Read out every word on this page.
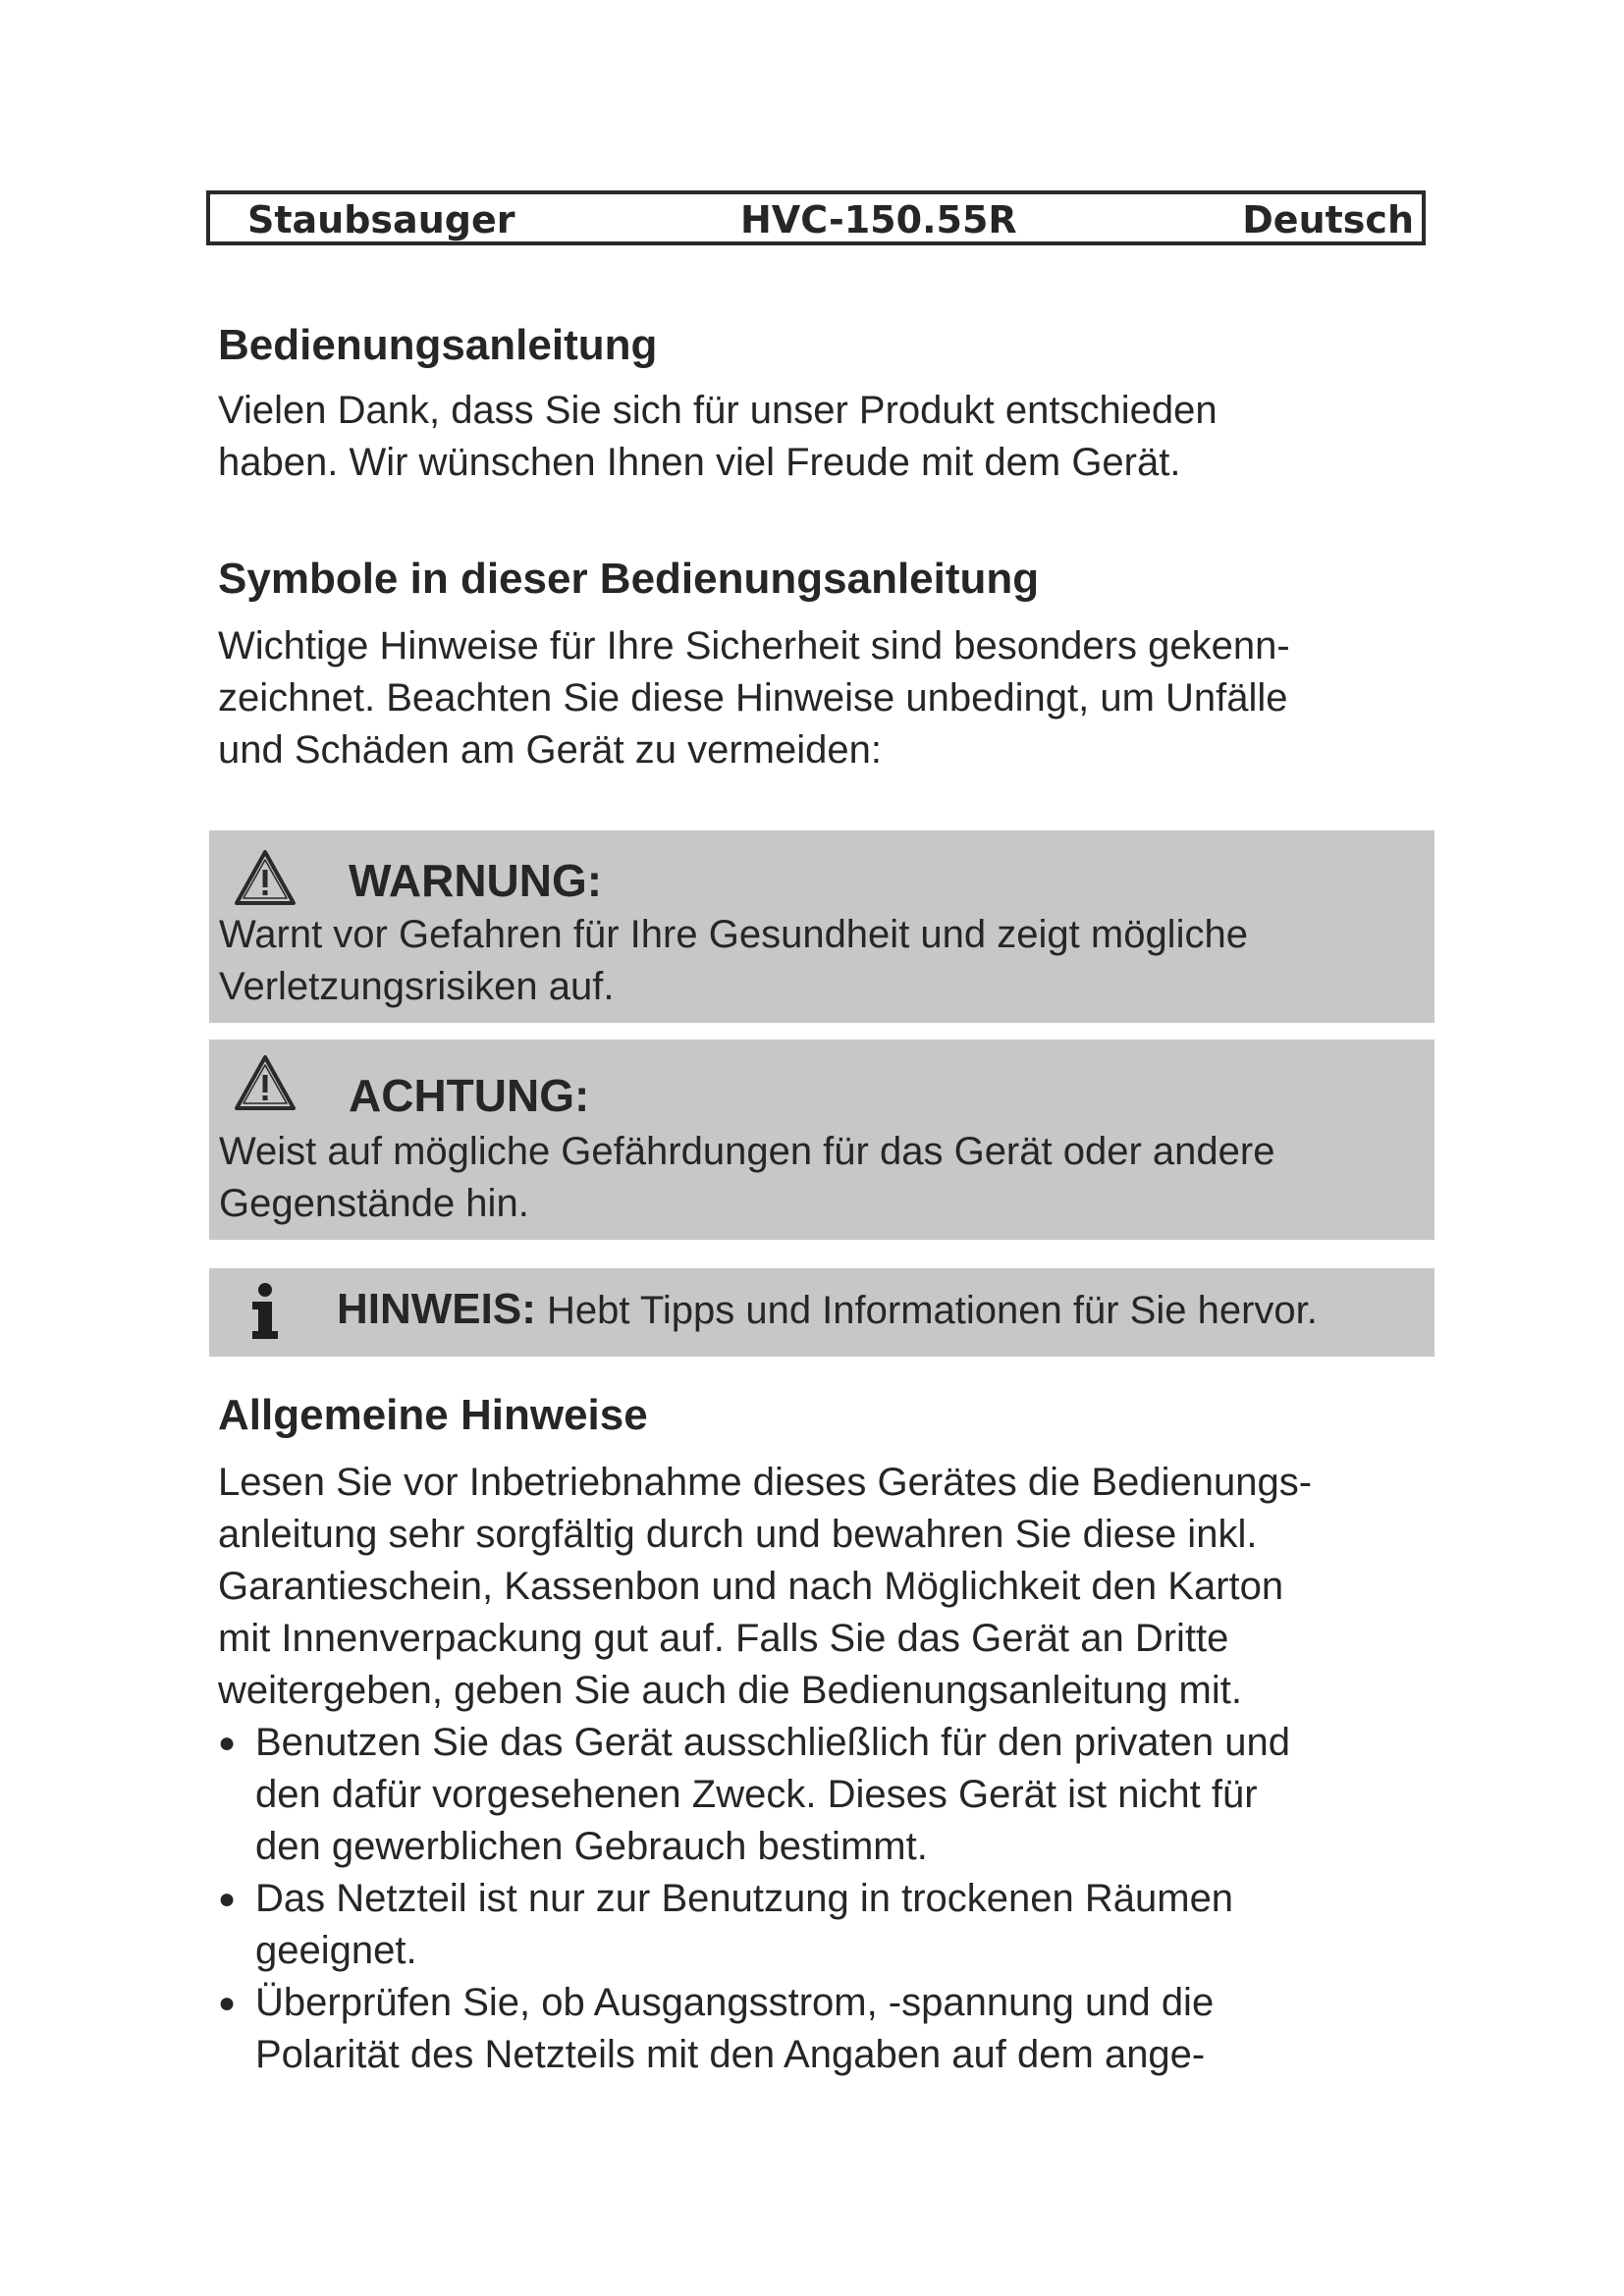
Staubsauger	HVC-150.55R	Deutsch
Bedienungsanleitung

Vielen Dank, dass Sie sich für unser Produkt entschieden
haben. Wir wünschen Ihnen viel Freude mit dem Gerät.

Symbole in dieser Bedienungsanleitung

Wichtige Hinweise für Ihre Sicherheit sind besonders gekenn-
zeichnet. Beachten Sie diese Hinweise unbedingt, um Unfälle
und Schäden am Gerät zu vermeiden:

WARNUNG:
Warnt vor Gefahren für Ihre Gesundheit und zeigt mögliche
Verletzungsrisiken auf.
ACHTUNG:
Weist auf mögliche Gefährdungen für das Gerät oder andere
Gegenstände hin.
HINWEIS: Hebt Tipps und Informationen für Sie hervor.
Allgemeine Hinweise

Lesen Sie vor Inbetriebnahme dieses Gerätes die Bedienungs-
anleitung sehr sorgfältig durch und bewahren Sie diese inkl.
Garantieschein, Kassenbon und nach Möglichkeit den Karton
mit Innenverpackung gut auf. Falls Sie das Gerät an Dritte
weitergeben, geben Sie auch die Bedienungsanleitung mit.

● Benutzen Sie das Gerät ausschließlich für den privaten und
den dafür vorgesehenen Zweck. Dieses Gerät ist nicht für
den gewerblichen Gebrauch bestimmt.
● Das Netzteil ist nur zur Benutzung in trockenen Räumen
geeignet.
● Überprüfen Sie, ob Ausgangsstrom, -spannung und die
Polarität des Netzteils mit den Angaben auf dem ange-
